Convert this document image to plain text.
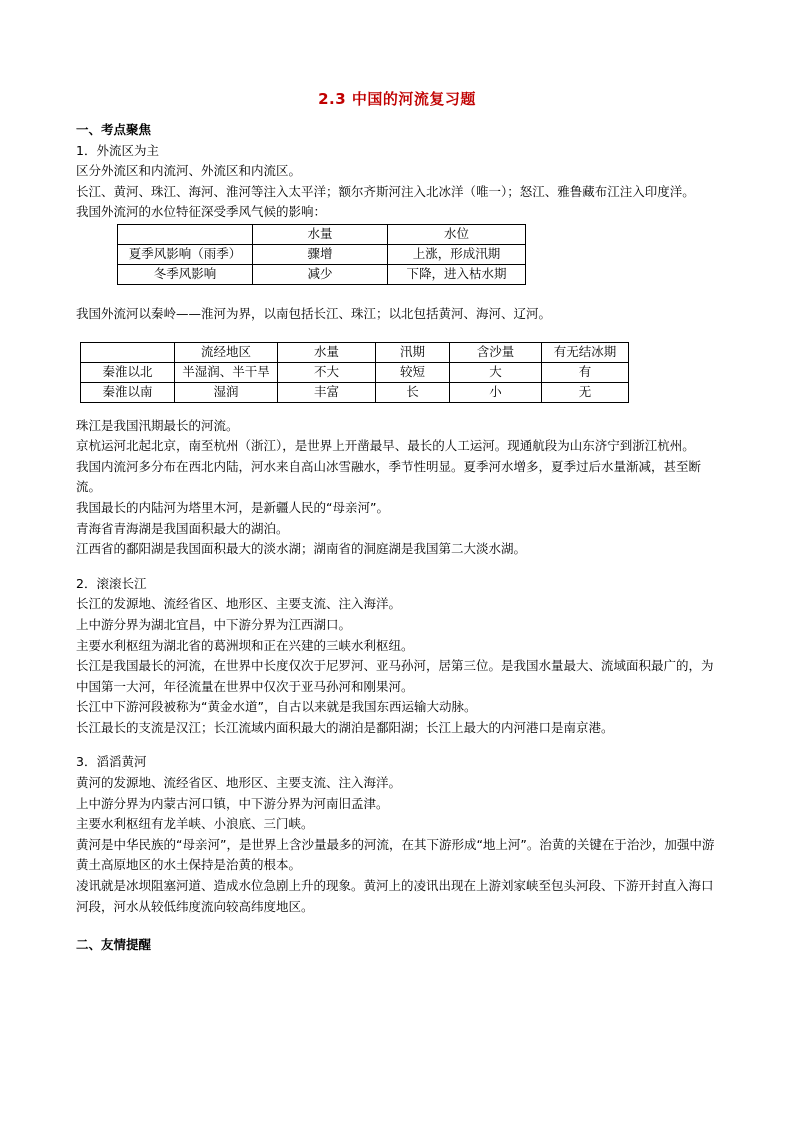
2.3 中国的河流复习题
一、考点聚焦
1．外流区为主
区分外流区和内流河、外流区和内流区。
长江、黄河、珠江、海河、淮河等注入太平洋；额尔齐斯河注入北冰洋（唯一）；怒江、雅鲁藏布江注入印度洋。
我国外流河的水位特征深受季风气候的影响：
	水量	水位
夏季风影响（雨季）	骤增	上涨，形成汛期
冬季风影响	减少	下降，进入枯水期
我国外流河以秦岭——淮河为界，以南包括长江、珠江；以北包括黄河、海河、辽河。
	流经地区	水量	汛期	含沙量	有无结冰期
秦淮以北	半湿润、半干旱	不大	较短	大	有
秦淮以南	湿润	丰富	长	小	无
珠江是我国汛期最长的河流。
京杭运河北起北京，南至杭州（浙江），是世界上开凿最早、最长的人工运河。现通航段为山东济宁到浙江杭州。
我国内流河多分布在西北内陆，河水来自高山冰雪融水，季节性明显。夏季河水增多，夏季过后水量渐减，甚至断流。
我国最长的内陆河为塔里木河，是新疆人民的“母亲河”。
青海省青海湖是我国面积最大的湖泊。
江西省的鄱阳湖是我国面积最大的淡水湖；湖南省的洞庭湖是我国第二大淡水湖。
2．滚滚长江
长江的发源地、流经省区、地形区、主要支流、注入海洋。
上中游分界为湖北宜昌，中下游分界为江西湖口。
主要水利枢纽为湖北省的葛洲坝和正在兴建的三峡水利枢纽。
长江是我国最长的河流，在世界中长度仅次于尼罗河、亚马孙河，居第三位。是我国水量最大、流域面积最广的，为中国第一大河，年径流量在世界中仅次于亚马孙河和刚果河。
长江中下游河段被称为“黄金水道”，自古以来就是我国东西运输大动脉。
长江最长的支流是汉江；长江流域内面积最大的湖泊是鄱阳湖；长江上最大的内河港口是南京港。
3．滔滔黄河
黄河的发源地、流经省区、地形区、主要支流、注入海洋。
上中游分界为内蒙古河口镇，中下游分界为河南旧孟津。
主要水利枢纽有龙羊峡、小浪底、三门峡。
黄河是中华民族的“母亲河”，是世界上含沙量最多的河流，在其下游形成“地上河”。治黄的关键在于治沙，加强中游黄土高原地区的水土保持是治黄的根本。
凌讯就是冰坝阻塞河道、造成水位急剧上升的现象。黄河上的凌讯出现在上游刘家峡至包头河段、下游开封直入海口河段，河水从较低纬度流向较高纬度地区。
二、友情提醒
